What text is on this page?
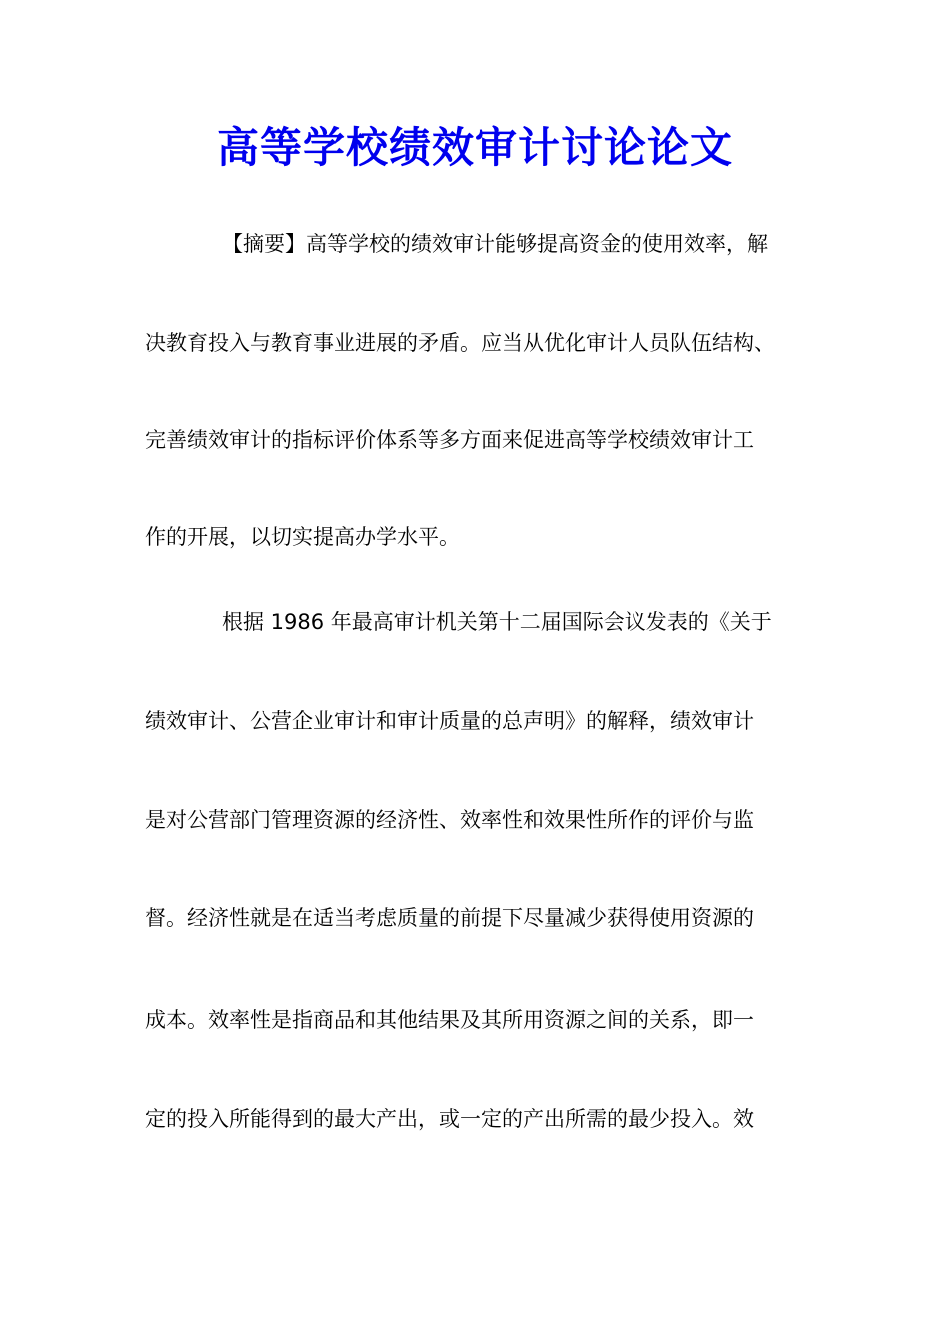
高等学校绩效审计讨论论文
【摘要】高等学校的绩效审计能够提高资金的使用效率，解
决教育投入与教育事业进展的矛盾。应当从优化审计人员队伍结构、
完善绩效审计的指标评价体系等多方面来促进高等学校绩效审计工
作的开展，以切实提高办学水平。
根据 1986 年最高审计机关第十二届国际会议发表的《关于
绩效审计、公营企业审计和审计质量的总声明》的解释，绩效审计
是对公营部门管理资源的经济性、效率性和效果性所作的评价与监
督。经济性就是在适当考虑质量的前提下尽量减少获得使用资源的
成本。效率性是指商品和其他结果及其所用资源之间的关系，即一
定的投入所能得到的最大产出，或一定的产出所需的最少投入。效
